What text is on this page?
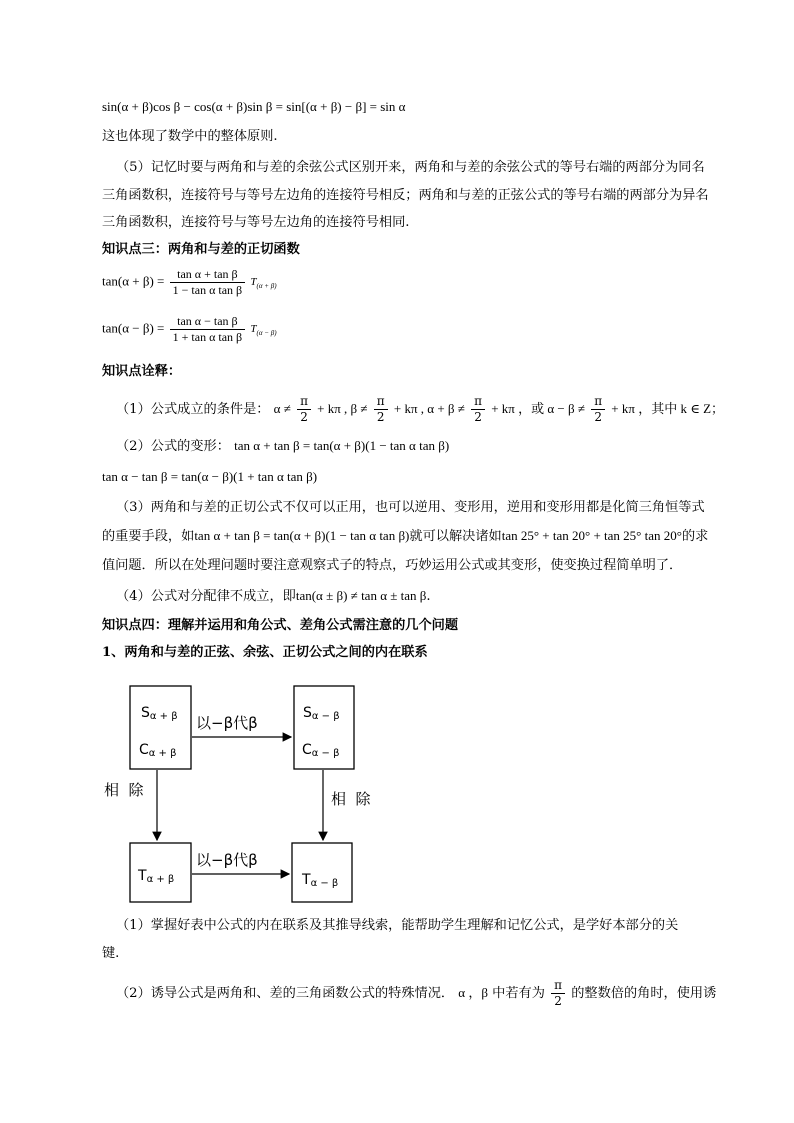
sin(α + β)cos β − cos(α + β)sin β = sin[(α + β) − β] = sin α
这也体现了数学中的整体原则.
（5）记忆时要与两角和与差的余弦公式区别开来，两角和与差的余弦公式的等号右端的两部分为同名
三角函数积，连接符号与等号左边角的连接符号相反；两角和与差的正弦公式的等号右端的两部分为异名
三角函数积，连接符号与等号左边角的连接符号相同.
知识点三：两角和与差的正切函数
$\tan(\alpha + \beta) = \frac{\text{tan α + tan β}}{\text{1 − tan α tan β}} T_{(\alpha + \beta)}$
$\tan(\alpha - \beta) = \frac{\text{tan α − tan β}}{\text{1 + tan α tan β}} T_{(\alpha - \beta)}$
知识点诠释：
（1）公式成立的条件是： $\alpha \ne \frac{\pi}{2} + k\pi$ , $\beta \ne \frac{\pi}{2} + k\pi$ , $\alpha + \beta \ne \frac{\pi}{2} + k\pi$ ，或 $\alpha - \beta \ne \frac{\pi}{2} + k\pi$ ，其中 k ∈ Z；
（2）公式的变形： tan α + tan β = tan(α + β)(1 − tan α tan β)
tan α − tan β = tan(α − β)(1 + tan α tan β)
（3）两角和与差的正切公式不仅可以正用，也可以逆用、变形用，逆用和变形用都是化简三角恒等式
的重要手段，如tan α + tan β = tan(α + β)(1 − tan α tan β)就可以解决诸如tan 25° + tan 20° + tan 25° tan 20°的求
值问题．所以在处理问题时要注意观察式子的特点，巧妙运用公式或其变形，使变换过程简单明了．
（4）公式对分配律不成立，即tan(α ± β) ≠ tan α ± tan β.
知识点四：理解并运用和角公式、差角公式需注意的几个问题
1、两角和与差的正弦、余弦、正切公式之间的内在联系
Sα + β
Cα + β
Sα − β
Cα − β
Tα + β	Tα − β
以−β代β
以−β代β
相  除	相  除
（1）掌握好表中公式的内在联系及其推导线索，能帮助学生理解和记忆公式，是学好本部分的关
键.
（2）诱导公式是两角和、差的三角函数公式的特殊情况． α ，β 中若有为 $\frac{\pi}{2}$ 的整数倍的角时，使用诱
